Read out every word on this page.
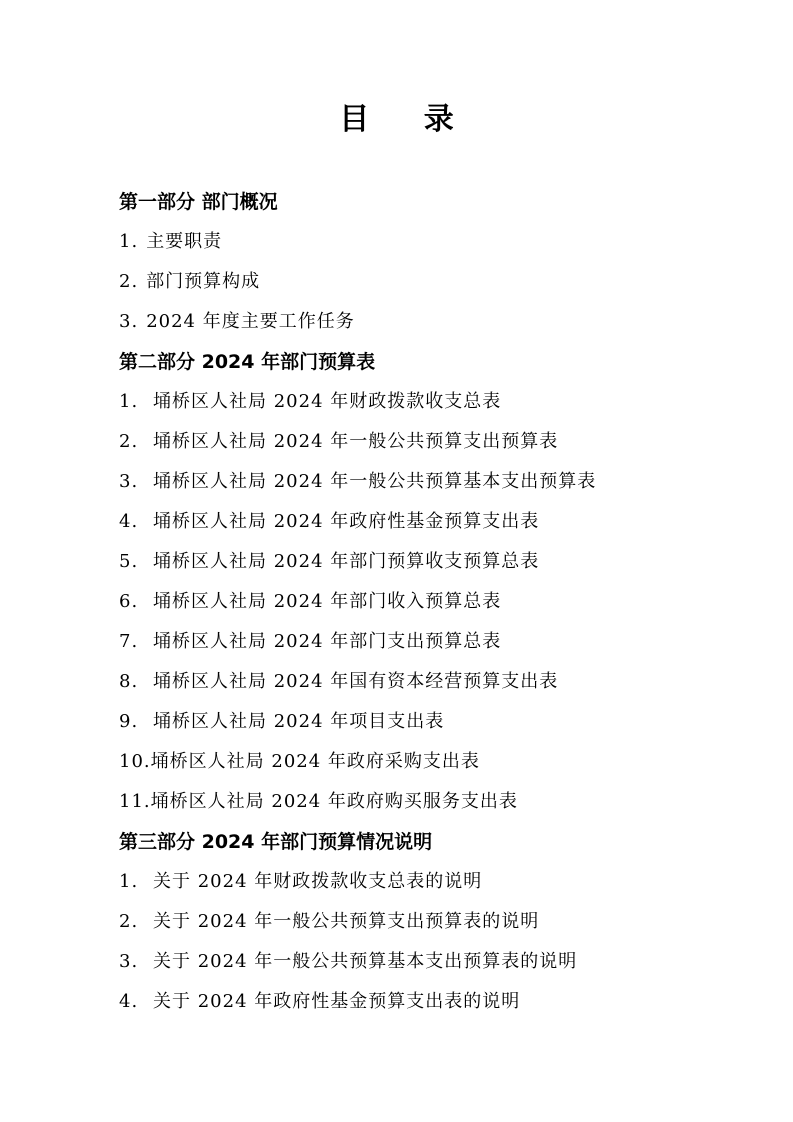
目 录
第一部分 部门概况
1. 主要职责
2. 部门预算构成
3. 2024 年度主要工作任务
第二部分 2024 年部门预算表
1. 埇桥区人社局 2024 年财政拨款收支总表
2. 埇桥区人社局 2024 年一般公共预算支出预算表
3. 埇桥区人社局 2024 年一般公共预算基本支出预算表
4. 埇桥区人社局 2024 年政府性基金预算支出表
5. 埇桥区人社局 2024 年部门预算收支预算总表
6. 埇桥区人社局 2024 年部门收入预算总表
7. 埇桥区人社局 2024 年部门支出预算总表
8. 埇桥区人社局 2024 年国有资本经营预算支出表
9. 埇桥区人社局 2024 年项目支出表
10.埇桥区人社局 2024 年政府采购支出表
11.埇桥区人社局 2024 年政府购买服务支出表
第三部分 2024 年部门预算情况说明
1. 关于 2024 年财政拨款收支总表的说明
2. 关于 2024 年一般公共预算支出预算表的说明
3. 关于 2024 年一般公共预算基本支出预算表的说明
4. 关于 2024 年政府性基金预算支出表的说明
